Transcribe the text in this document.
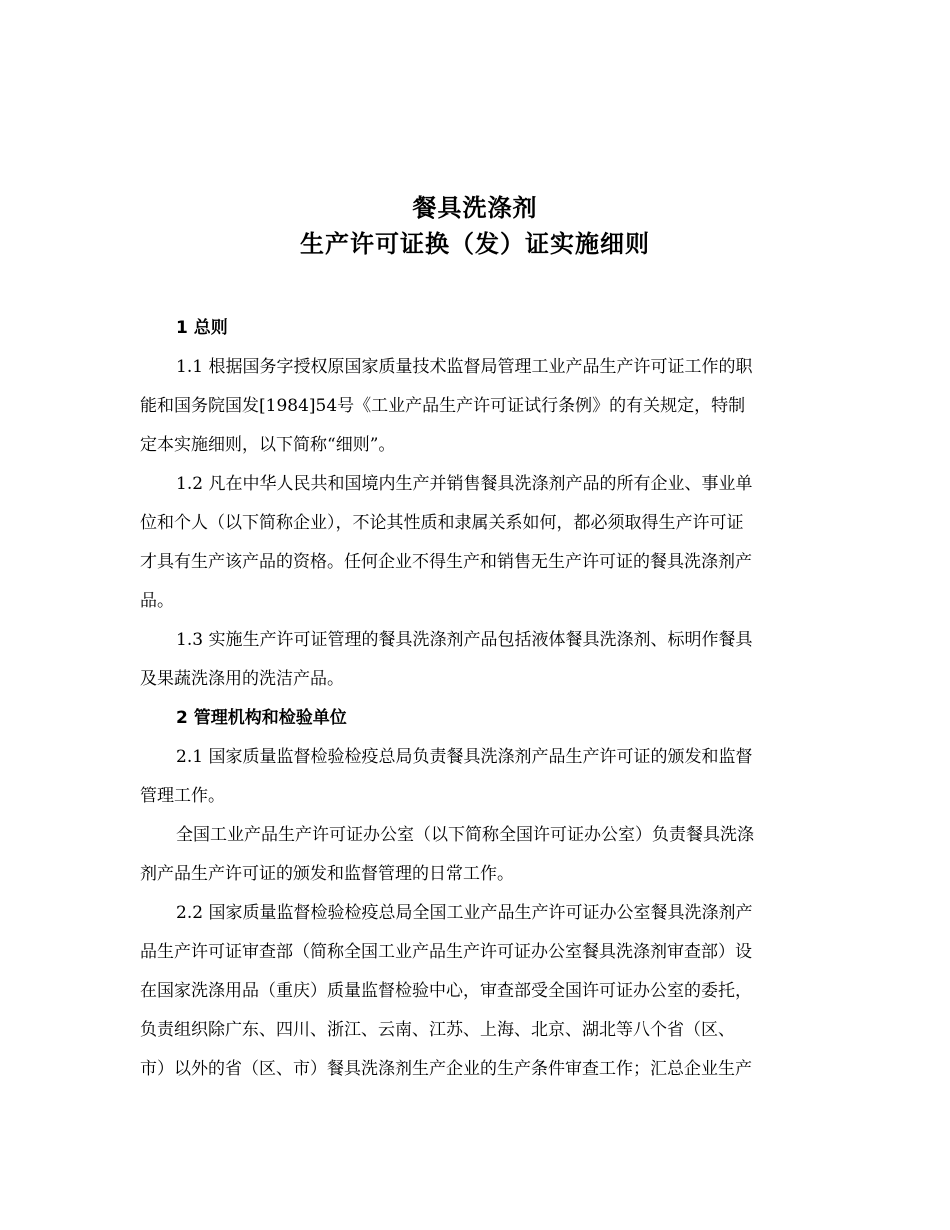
餐具洗涤剂
生产许可证换（发）证实施细则

1 总则

1.1 根据国务字授权原国家质量技术监督局管理工业产品生产许可证工作的职
能和国务院国发[1984]54号《工业产品生产许可证试行条例》的有关规定，特制
定本实施细则，以下简称“细则”。

1.2 凡在中华人民共和国境内生产并销售餐具洗涤剂产品的所有企业、事业单
位和个人（以下简称企业），不论其性质和隶属关系如何，都必须取得生产许可证
才具有生产该产品的资格。任何企业不得生产和销售无生产许可证的餐具洗涤剂产
品。

1.3 实施生产许可证管理的餐具洗涤剂产品包括液体餐具洗涤剂、标明作餐具
及果蔬洗涤用的洗洁产品。

2 管理机构和检验单位

2.1 国家质量监督检验检疫总局负责餐具洗涤剂产品生产许可证的颁发和监督
管理工作。

全国工业产品生产许可证办公室（以下简称全国许可证办公室）负责餐具洗涤
剂产品生产许可证的颁发和监督管理的日常工作。

2.2 国家质量监督检验检疫总局全国工业产品生产许可证办公室餐具洗涤剂产
品生产许可证审查部（简称全国工业产品生产许可证办公室餐具洗涤剂审查部）设
在国家洗涤用品（重庆）质量监督检验中心，审查部受全国许可证办公室的委托，
负责组织除广东、四川、浙江、云南、江苏、上海、北京、湖北等八个省（区、
市）以外的省（区、市）餐具洗涤剂生产企业的生产条件审查工作；汇总企业生产
